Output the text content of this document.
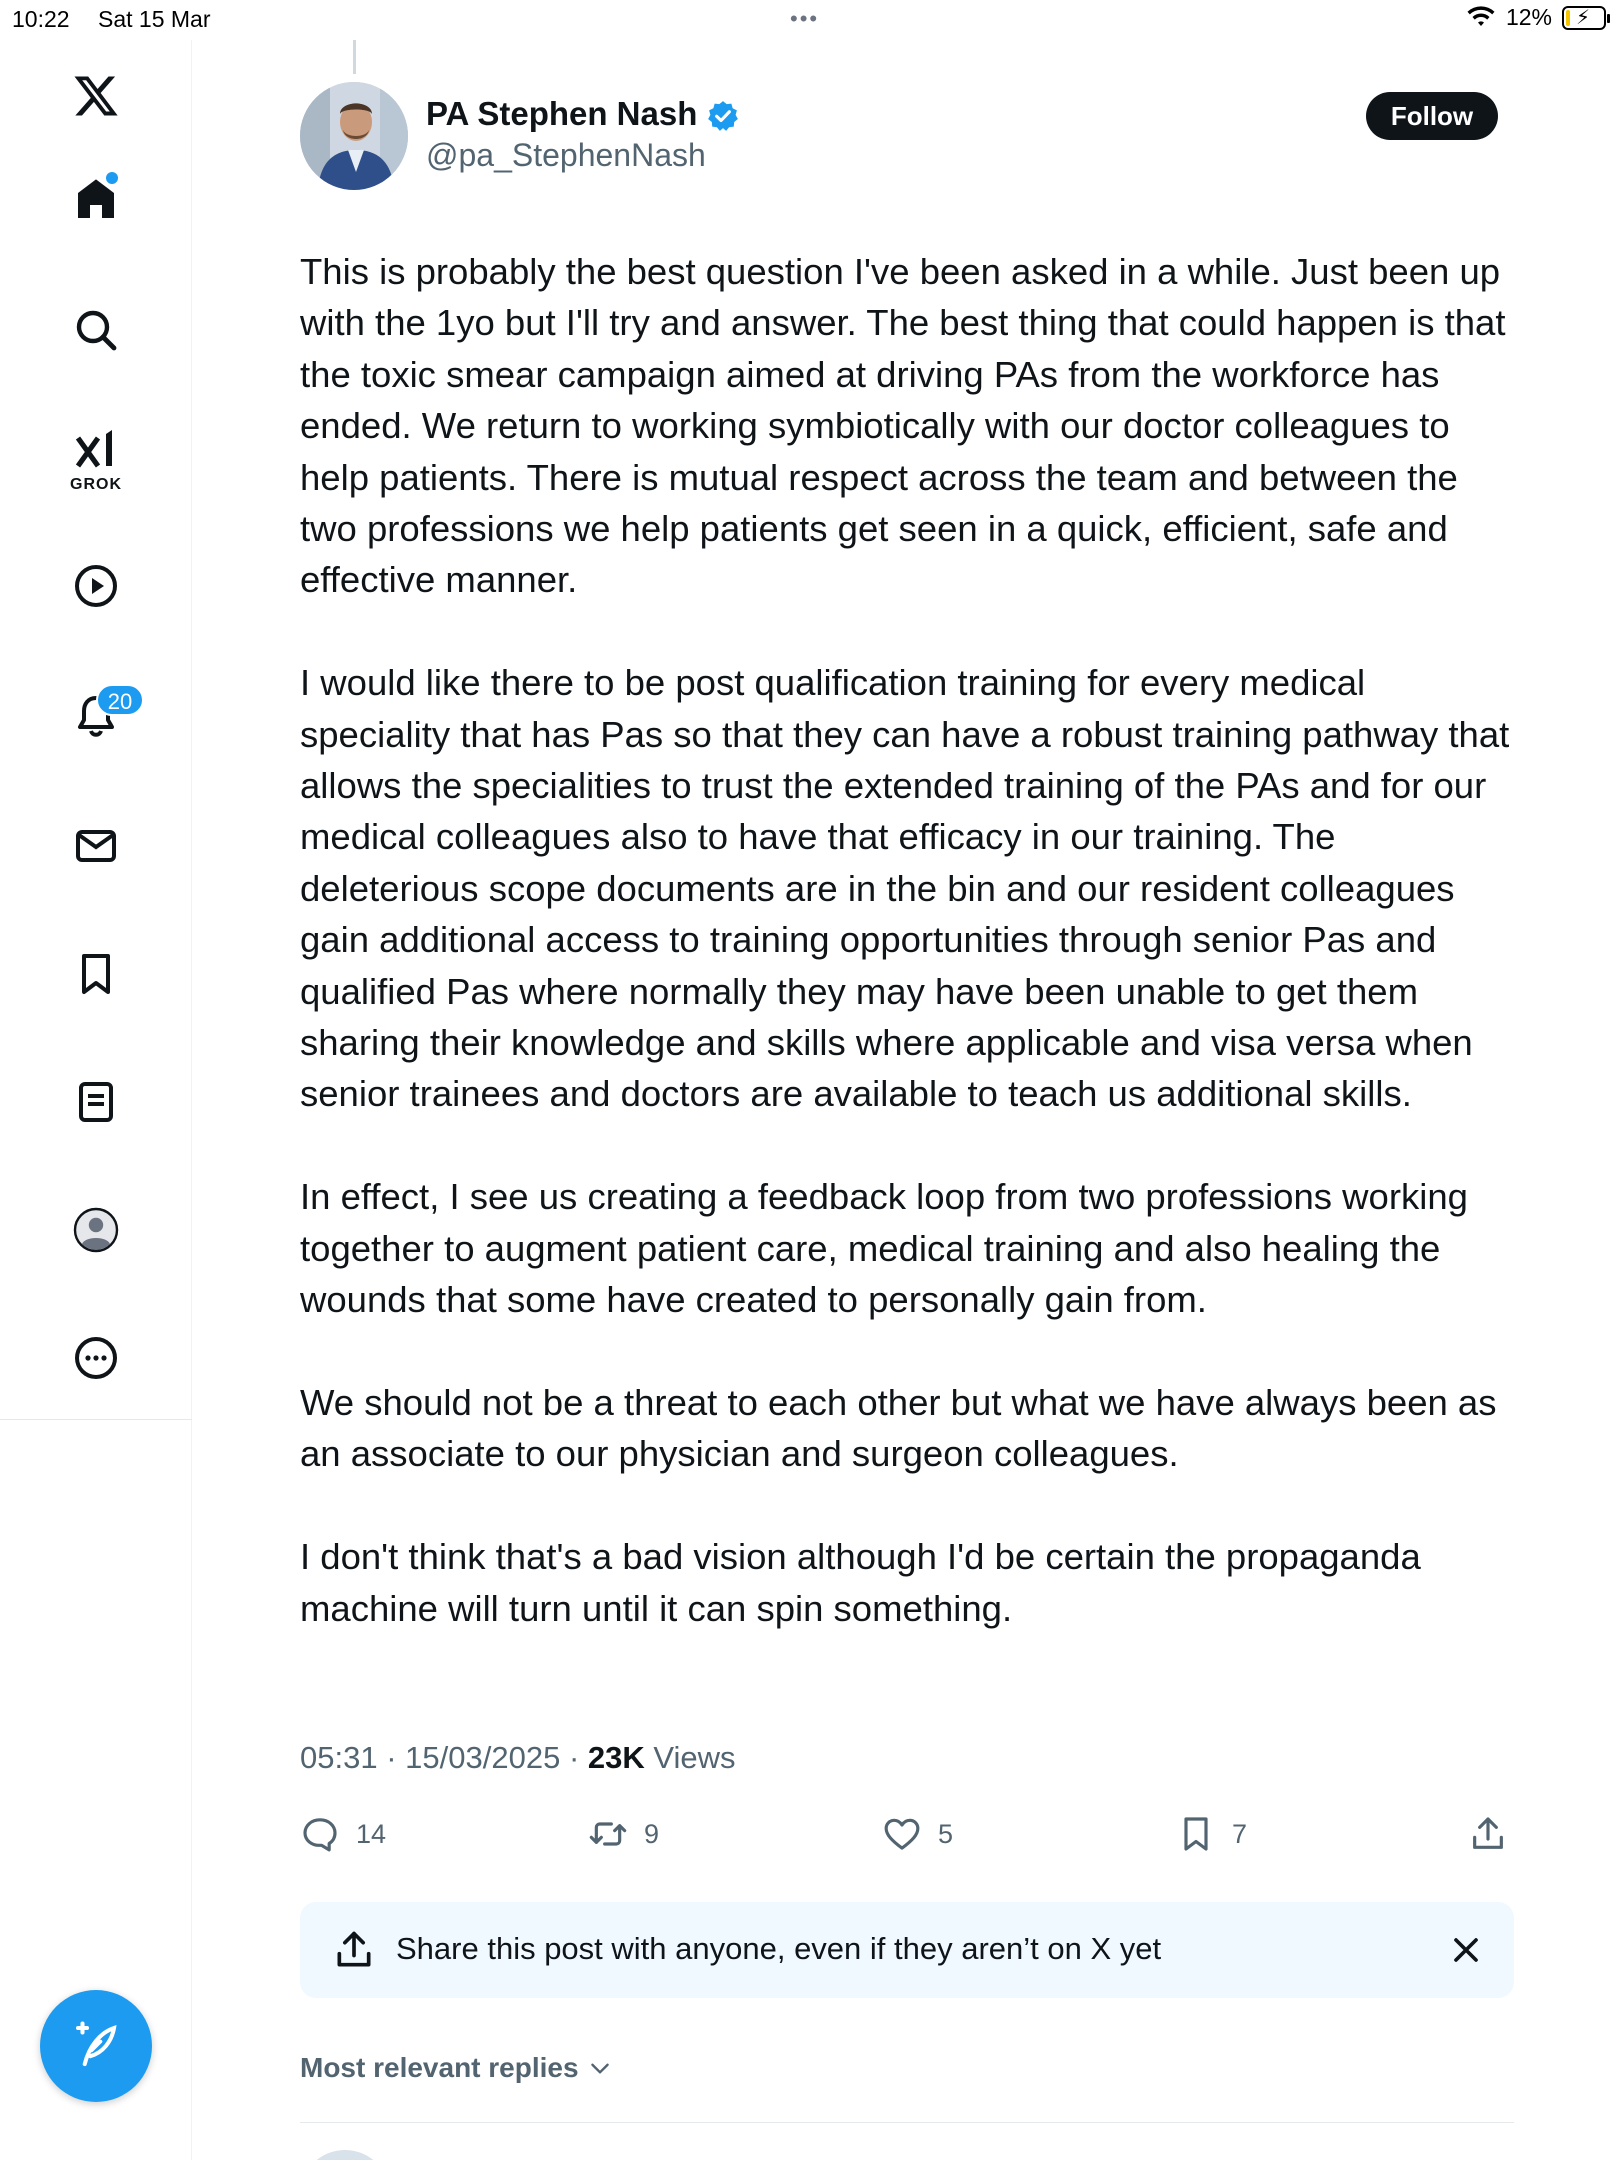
10:22 Sat 15 Mar	•••	12% ⚡
GROK
20
PA Stephen Nash
@pa_StephenNash
Follow

This is probably the best question I've been asked in a while. Just been up with the 1yo but I'll try and answer. The best thing that could happen is that the toxic smear campaign aimed at driving PAs from the workforce has ended. We return to working symbiotically with our doctor colleagues to help patients. There is mutual respect across the team and between the two professions we help patients get seen in a quick, efficient, safe and effective manner.

I would like there to be post qualification training for every medical speciality that has Pas so that they can have a robust training pathway that allows the specialities to trust the extended training of the PAs and for our medical colleagues also to have that efficacy in our training. The deleterious scope documents are in the bin and our resident colleagues gain additional access to training opportunities through senior Pas and qualified Pas where normally they may have been unable to get them sharing their knowledge and skills where applicable and visa versa when senior trainees and doctors are available to teach us additional skills.

In effect, I see us creating a feedback loop from two professions working together to augment patient care, medical training and also healing the wounds that some have created to personally gain from.

We should not be a threat to each other but what we have always been as an associate to our physician and surgeon colleagues.

I don't think that's a bad vision although I'd be certain the propaganda machine will turn until it can spin something.

05:31 · 15/03/2025 · 23K Views
14	9	5	7
Share this post with anyone, even if they aren’t on X yet
Most relevant replies
